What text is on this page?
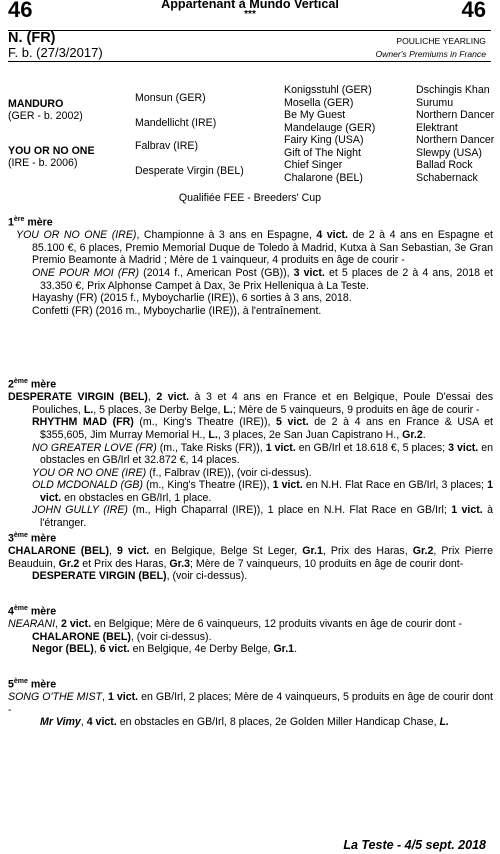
46	46
Appartenant à Mundo Vertical
***
N. (FR)
F. b. (27/3/2017)
POULICHE YEARLING
Owner's Premiums in France
MANDURO
(GER - b. 2002)
YOU OR NO ONE
(IRE - b. 2006)
Monsun (GER)
Mandellicht (IRE)
Falbrav (IRE)
Desperate Virgin (BEL)
Konigsstuhl (GER)
Mosella (GER)
Be My Guest
Mandelauge (GER)
Fairy King (USA)
Gift of The Night
Chief Singer
Chalarone (BEL)
Dschingis Khan
Surumu
Northern Dancer
Elektrant
Northern Dancer
Slewpy (USA)
Ballad Rock
Schabernack
Qualifiée FEE - Breeders' Cup

1ère mère

YOU OR NO ONE (IRE), Championne à 3 ans en Espagne, 4 vict. de 2 à 4 ans en Espagne et 85.100 €, 6 places, Premio Memorial Duque de Toledo à Madrid, Kutxa à San Sebastian, 3e Gran Premio Beamonte à Madrid ; Mère de 1 vainqueur, 4 produits en âge de courir -

ONE POUR MOI (FR) (2014 f., American Post (GB)), 3 vict. et 5 places de 2 à 4 ans, 2018 et 33.350 €, Prix Alphonse Campet à Dax, 3e Prix Helleniqua à La Teste.

Hayashy (FR) (2015 f., Myboycharlie (IRE)), 6 sorties à 3 ans, 2018.

Confetti (FR) (2016 m., Myboycharlie (IRE)), à l'entraînement.

2ème mère

DESPERATE VIRGIN (BEL), 2 vict. à 3 et 4 ans en France et en Belgique, Poule D'essai des Pouliches, L., 5 places, 3e Derby Belge, L.; Mère de 5 vainqueurs, 9 produits en âge de courir -

RHYTHM MAD (FR) (m., King's Theatre (IRE)), 5 vict. de 2 à 4 ans en France & USA et $355,605, Jim Murray Memorial H., L., 3 places, 2e San Juan Capistrano H., Gr.2.

NO GREATER LOVE (FR) (m., Take Risks (FR)), 1 vict. en GB/Irl et 18.618 €, 5 places; 3 vict. en obstacles en GB/Irl et 32.872 €, 14 places.

YOU OR NO ONE (IRE) (f., Falbrav (IRE)), (voir ci-dessus).

OLD MCDONALD (GB) (m., King's Theatre (IRE)), 1 vict. en N.H. Flat Race en GB/Irl, 3 places; 1 vict. en obstacles en GB/Irl, 1 place.

JOHN GULLY (IRE) (m., High Chaparral (IRE)), 1 place en N.H. Flat Race en GB/Irl; 1 vict. à l'étranger.

3ème mère

CHALARONE (BEL), 9 vict. en Belgique, Belge St Leger, Gr.1, Prix des Haras, Gr.2, Prix Pierre Beauduin, Gr.2 et Prix des Haras, Gr.3; Mère de 7 vainqueurs, 10 produits en âge de courir dont-

DESPERATE VIRGIN (BEL), (voir ci-dessus).

4ème mère

NEARANI, 2 vict. en Belgique; Mère de 6 vainqueurs, 12 produits vivants en âge de courir dont -

CHALARONE (BEL), (voir ci-dessus).

Negor (BEL), 6 vict. en Belgique, 4e Derby Belge, Gr.1.

5ème mère

SONG O'THE MIST, 1 vict. en GB/Irl, 2 places; Mère de 4 vainqueurs, 5 produits en âge de courir dont -

Mr Vimy, 4 vict. en obstacles en GB/Irl, 8 places, 2e Golden Miller Handicap Chase, L.

La Teste - 4/5 sept. 2018
